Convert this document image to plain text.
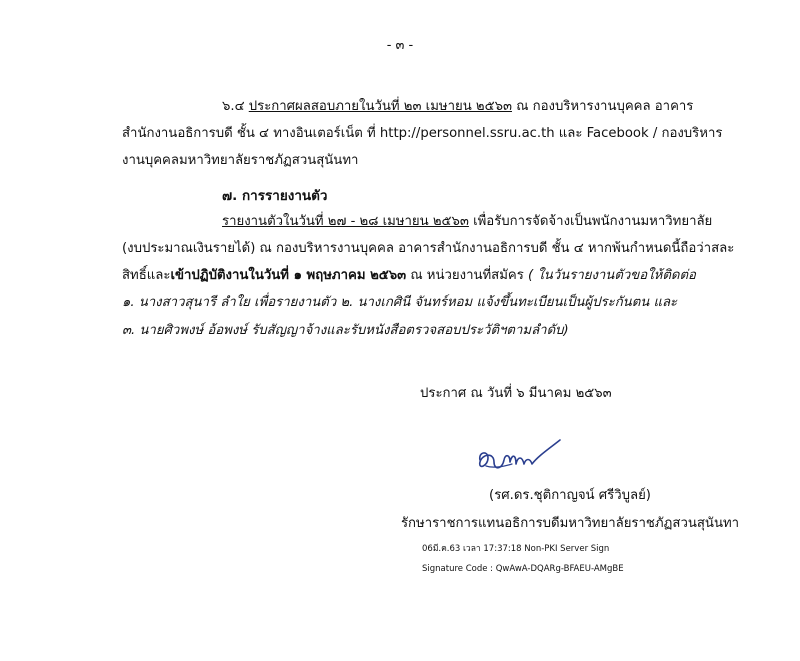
- ๓ -
๖.๔ ประกาศผลสอบภายในวันที่ ๒๓ เมษายน ๒๕๖๓ ณ กองบริหารงานบุคคล อาคาร
สำนักงานอธิการบดี ชั้น ๔ ทางอินเตอร์เน็ต ที่ http://personnel.ssru.ac.th และ Facebook / กองบริหาร
งานบุคคลมหาวิทยาลัยราชภัฏสวนสุนันทา
๗. การรายงานตัว
รายงานตัวในวันที่ ๒๗ - ๒๘ เมษายน ๒๕๖๓ เพื่อรับการจัดจ้างเป็นพนักงานมหาวิทยาลัย
(งบประมาณเงินรายได้) ณ กองบริหารงานบุคคล อาคารสำนักงานอธิการบดี ชั้น ๔ หากพ้นกำหนดนี้ถือว่าสละ
สิทธิ์และเข้าปฏิบัติงานในวันที่ ๑ พฤษภาคม ๒๕๖๓ ณ หน่วยงานที่สมัคร ( ในวันรายงานตัวขอให้ติดต่อ
๑. นางสาวสุนารี ลำใย เพื่อรายงานตัว ๒. นางเกศินี จันทร์หอม แจ้งขึ้นทะเบียนเป็นผู้ประกันตน และ
๓. นายศิวพงษ์ อ้อพงษ์ รับสัญญาจ้างและรับหนังสือตรวจสอบประวัติฯตามลำดับ)
ประกาศ ณ วันที่ ๖ มีนาคม ๒๕๖๓
(รศ.ดร.ชุติกาญจน์ ศรีวิบูลย์)
รักษาราชการแทนอธิการบดีมหาวิทยาลัยราชภัฏสวนสุนันทา
06มี.ค.63 เวลา 17:37:18 Non-PKI Server Sign
Signature Code : QwAwA-DQARg-BFAEU-AMgBE
